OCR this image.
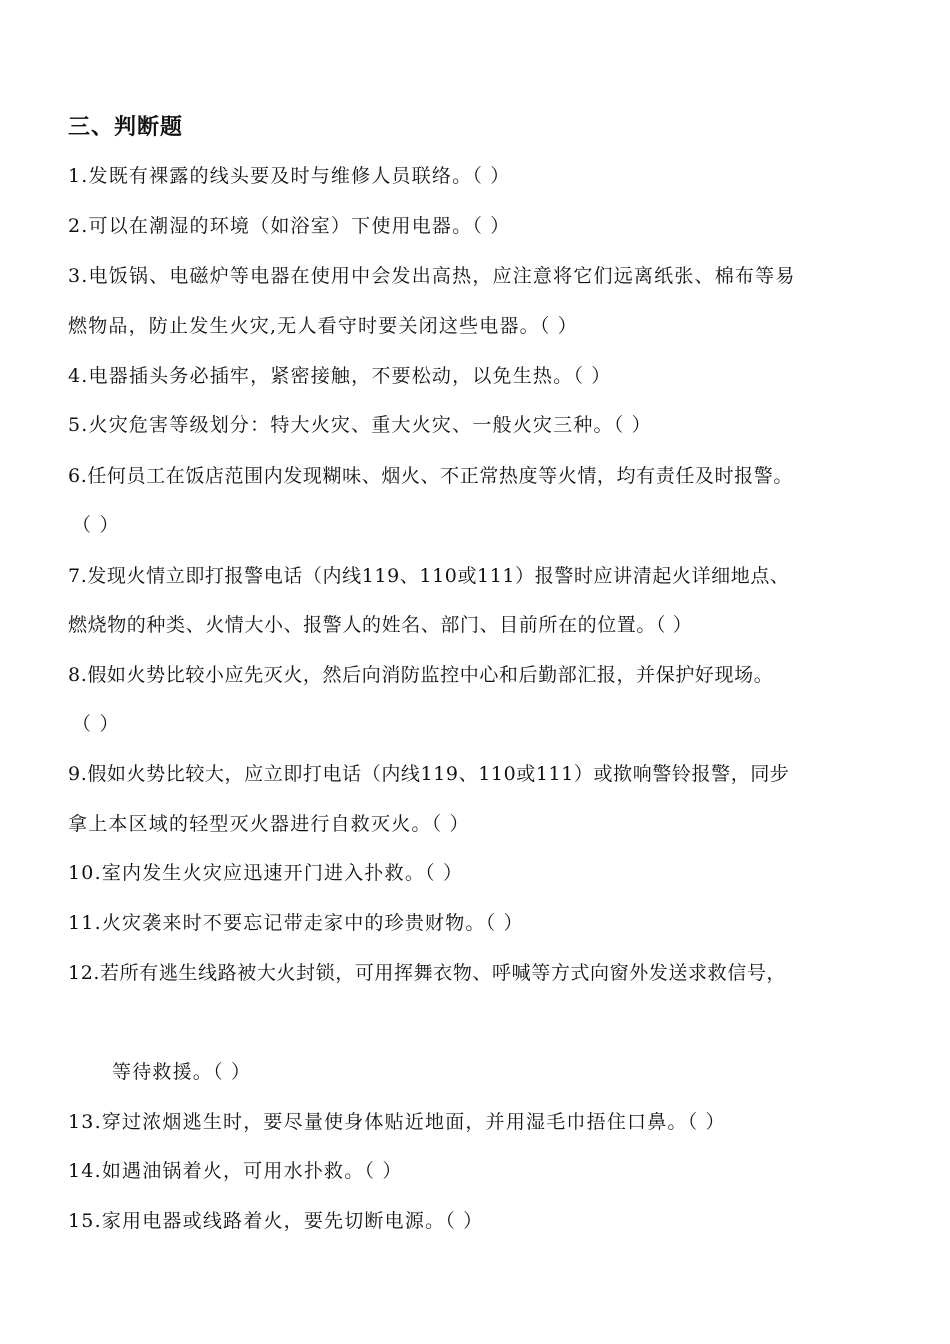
三、判断题
1.发既有裸露的线头要及时与维修人员联络。（ ）
2.可以在潮湿的环境（如浴室）下使用电器。（ ）
3.电饭锅、电磁炉等电器在使用中会发出高热，应注意将它们远离纸张、棉布等易
燃物品，防止发生火灾,无人看守时要关闭这些电器。（ ）
4.电器插头务必插牢，紧密接触，不要松动，以免生热。（ ）
5.火灾危害等级划分：特大火灾、重大火灾、一般火灾三种。（ ）
6.任何员工在饭店范围内发现糊味、烟火、不正常热度等火情，均有责任及时报警。
（ ）
7.发现火情立即打报警电话（内线119、110或111）报警时应讲清起火详细地点、
燃烧物的种类、火情大小、报警人的姓名、部门、目前所在的位置。（ ）
8.假如火势比较小应先灭火，然后向消防监控中心和后勤部汇报，并保护好现场。
（ ）
9.假如火势比较大，应立即打电话（内线119、110或111）或揿响警铃报警，同步
拿上本区域的轻型灭火器进行自救灭火。（ ）
10.室内发生火灾应迅速开门进入扑救。（ ）
11.火灾袭来时不要忘记带走家中的珍贵财物。（ ）
12.若所有逃生线路被大火封锁，可用挥舞衣物、呼喊等方式向窗外发送求救信号，
等待救援。（ ）
13.穿过浓烟逃生时，要尽量使身体贴近地面，并用湿毛巾捂住口鼻。（ ）
14.如遇油锅着火，可用水扑救。（ ）
15.家用电器或线路着火，要先切断电源。（ ）
